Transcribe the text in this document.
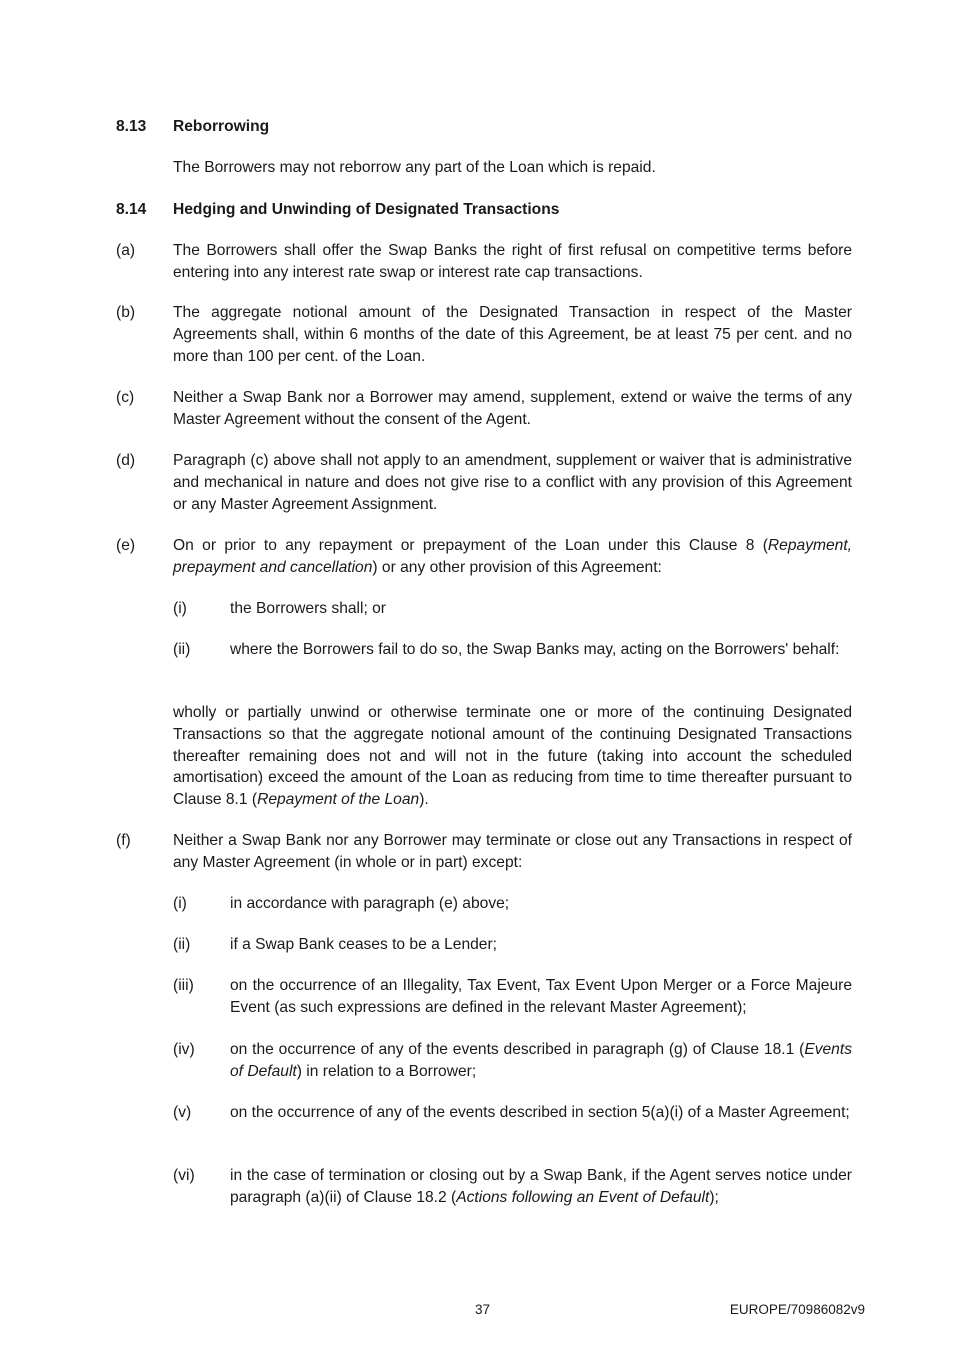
8.13 Reborrowing
The Borrowers may not reborrow any part of the Loan which is repaid.
8.14 Hedging and Unwinding of Designated Transactions
(a) The Borrowers shall offer the Swap Banks the right of first refusal on competitive terms before entering into any interest rate swap or interest rate cap transactions.
(b) The aggregate notional amount of the Designated Transaction in respect of the Master Agreements shall, within 6 months of the date of this Agreement, be at least 75 per cent. and no more than 100 per cent. of the Loan.
(c) Neither a Swap Bank nor a Borrower may amend, supplement, extend or waive the terms of any Master Agreement without the consent of the Agent.
(d) Paragraph (c) above shall not apply to an amendment, supplement or waiver that is administrative and mechanical in nature and does not give rise to a conflict with any provision of this Agreement or any Master Agreement Assignment.
(e) On or prior to any repayment or prepayment of the Loan under this Clause 8 (Repayment, prepayment and cancellation) or any other provision of this Agreement:
(i)	the Borrowers shall; or
(ii)	where the Borrowers fail to do so, the Swap Banks may, acting on the Borrowers' behalf:
wholly or partially unwind or otherwise terminate one or more of the continuing Designated Transactions so that the aggregate notional amount of the continuing Designated Transactions thereafter remaining does not and will not in the future (taking into account the scheduled amortisation) exceed the amount of the Loan as reducing from time to time thereafter pursuant to Clause 8.1 (Repayment of the Loan).
(f)	Neither a Swap Bank nor any Borrower may terminate or close out any Transactions in respect of any Master Agreement (in whole or in part) except:
(i)	in accordance with paragraph (e) above;
(ii)	if a Swap Bank ceases to be a Lender;
(iii) on the occurrence of an Illegality, Tax Event, Tax Event Upon Merger or a Force Majeure Event (as such expressions are defined in the relevant Master Agreement);
(iv) on the occurrence of any of the events described in paragraph (g) of Clause 18.1 (Events of Default) in relation to a Borrower;
(v) on the occurrence of any of the events described in section 5(a)(i) of a Master Agreement;
(vi) in the case of termination or closing out by a Swap Bank, if the Agent serves notice under paragraph (a)(ii) of Clause 18.2 (Actions following an Event of Default);
37	EUROPE/70986082v9
